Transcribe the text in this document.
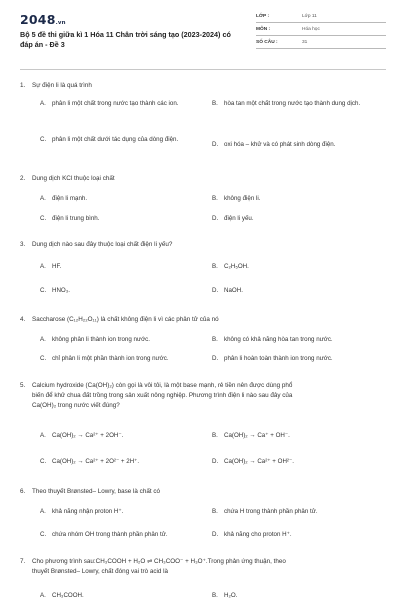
2048.vn
Bộ 5 đề thi giữa kì 1 Hóa 11 Chân trời sáng tạo (2023-2024) có đáp án - Đề 3
LỚP :	Lớp 11
MÔN :	Hóa học
SỐ CÂU :	31
1. Sự điện li là quá trình
A. phân li một chất trong nước tạo thành các ion.	B. hòa tan một chất trong nước tạo thành dung dịch.
C. phân li một chất dưới tác dụng của dòng điện.
D. oxi hóa – khử và có phát sinh dòng điện.
2. Dung dịch KCl thuộc loại chất
A. điện li mạnh.	B. không điện li.
C. điện li trung bình.	D. điện li yếu.
3. Dung dịch nào sau đây thuộc loại chất điện li yếu?
A. HF.	B. C₂H₅OH.
C. HNO₃.	D. NaOH.
4. Saccharose (C₁₂H₂₂O₁₁) là chất không điện li vì các phân tử của nó
A. không phân li thành ion trong nước.	B. không có khả năng hòa tan trong nước.
C. chỉ phân li một phần thành ion trong nước.	D. phân li hoàn toàn thành ion trong nước.
5. Calcium hydroxide (Ca(OH)₂) còn gọi là vôi tôi, là một base mạnh, rẻ tiền nên được dùng phổ
biến để khử chua đất trồng trong sản xuất nông nghiệp. Phương trình điện li nào sau đây của
Ca(OH)₂ trong nước viết đúng?
A. Ca(OH)₂ → Ca²⁺ + 2OH⁻.	B. Ca(OH)₂ → Ca⁺ + OH⁻.
C. Ca(OH)₂ → Ca²⁺ + 2O²⁻ + 2H⁺.	D. Ca(OH)₂ → Ca²⁺ + OH²⁻.
6. Theo thuyết Brønsted– Lowry, base là chất có
A. khả năng nhận proton H⁺.	B. chứa H trong thành phần phân tử.
C. chứa nhóm OH trong thành phần phân tử.	D. khả năng cho proton H⁺.
7. Cho phương trình sau:CH₃COOH + H₂O ⇌ CH₃COO⁻ + H₃O⁺.Trong phản ứng thuận, theo
thuyết Brønsted– Lowry, chất đóng vai trò acid là
A. CH₃COOH.	B. H₂O.
